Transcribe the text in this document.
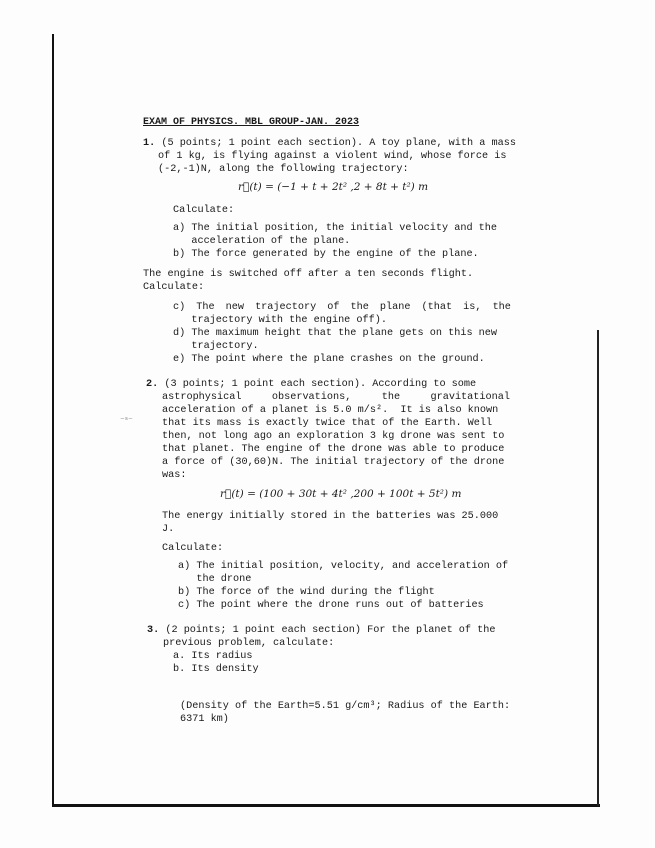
⁻ˢ⁻
EXAM OF PHYSICS. MBL GROUP-JAN. 2023
1. (5 points; 1 point each section). A toy plane, with a mass
of 1 kg, is flying against a violent wind, whose force is
(-2,-1)N, along the following trajectory:
r⃗(t) = (−1 + t + 2t² ,2 + 8t + t²) m
Calculate:
a) The initial position, the initial velocity and the
acceleration of the plane.
b) The force generated by the engine of the plane.
The engine is switched off after a ten seconds flight.
Calculate:
c) The new trajectory of the plane (that is, the
trajectory with the engine off).
d) The maximum height that the plane gets on this new
trajectory.
e) The point where the plane crashes on the ground.
2. (3 points; 1 point each section). According to some
astrophysical	observations,	the	gravitational
acceleration of a planet is 5.0 m/s².  It is also known
that its mass is exactly twice that of the Earth. Well
then, not long ago an exploration 3 kg drone was sent to
that planet. The engine of the drone was able to produce
a force of (30,60)N. The initial trajectory of the drone
was:
r⃗(t) = (100 + 30t + 4t² ,200 + 100t + 5t²) m
The energy initially stored in the batteries was 25.000
J.
Calculate:
a) The initial position, velocity, and acceleration of
the drone
b) The force of the wind during the flight
c) The point where the drone runs out of batteries
3. (2 points; 1 point each section) For the planet of the
previous problem, calculate:
a. Its radius
b. Its density
(Density of the Earth=5.51 g/cm³; Radius of the Earth:
6371 km)
